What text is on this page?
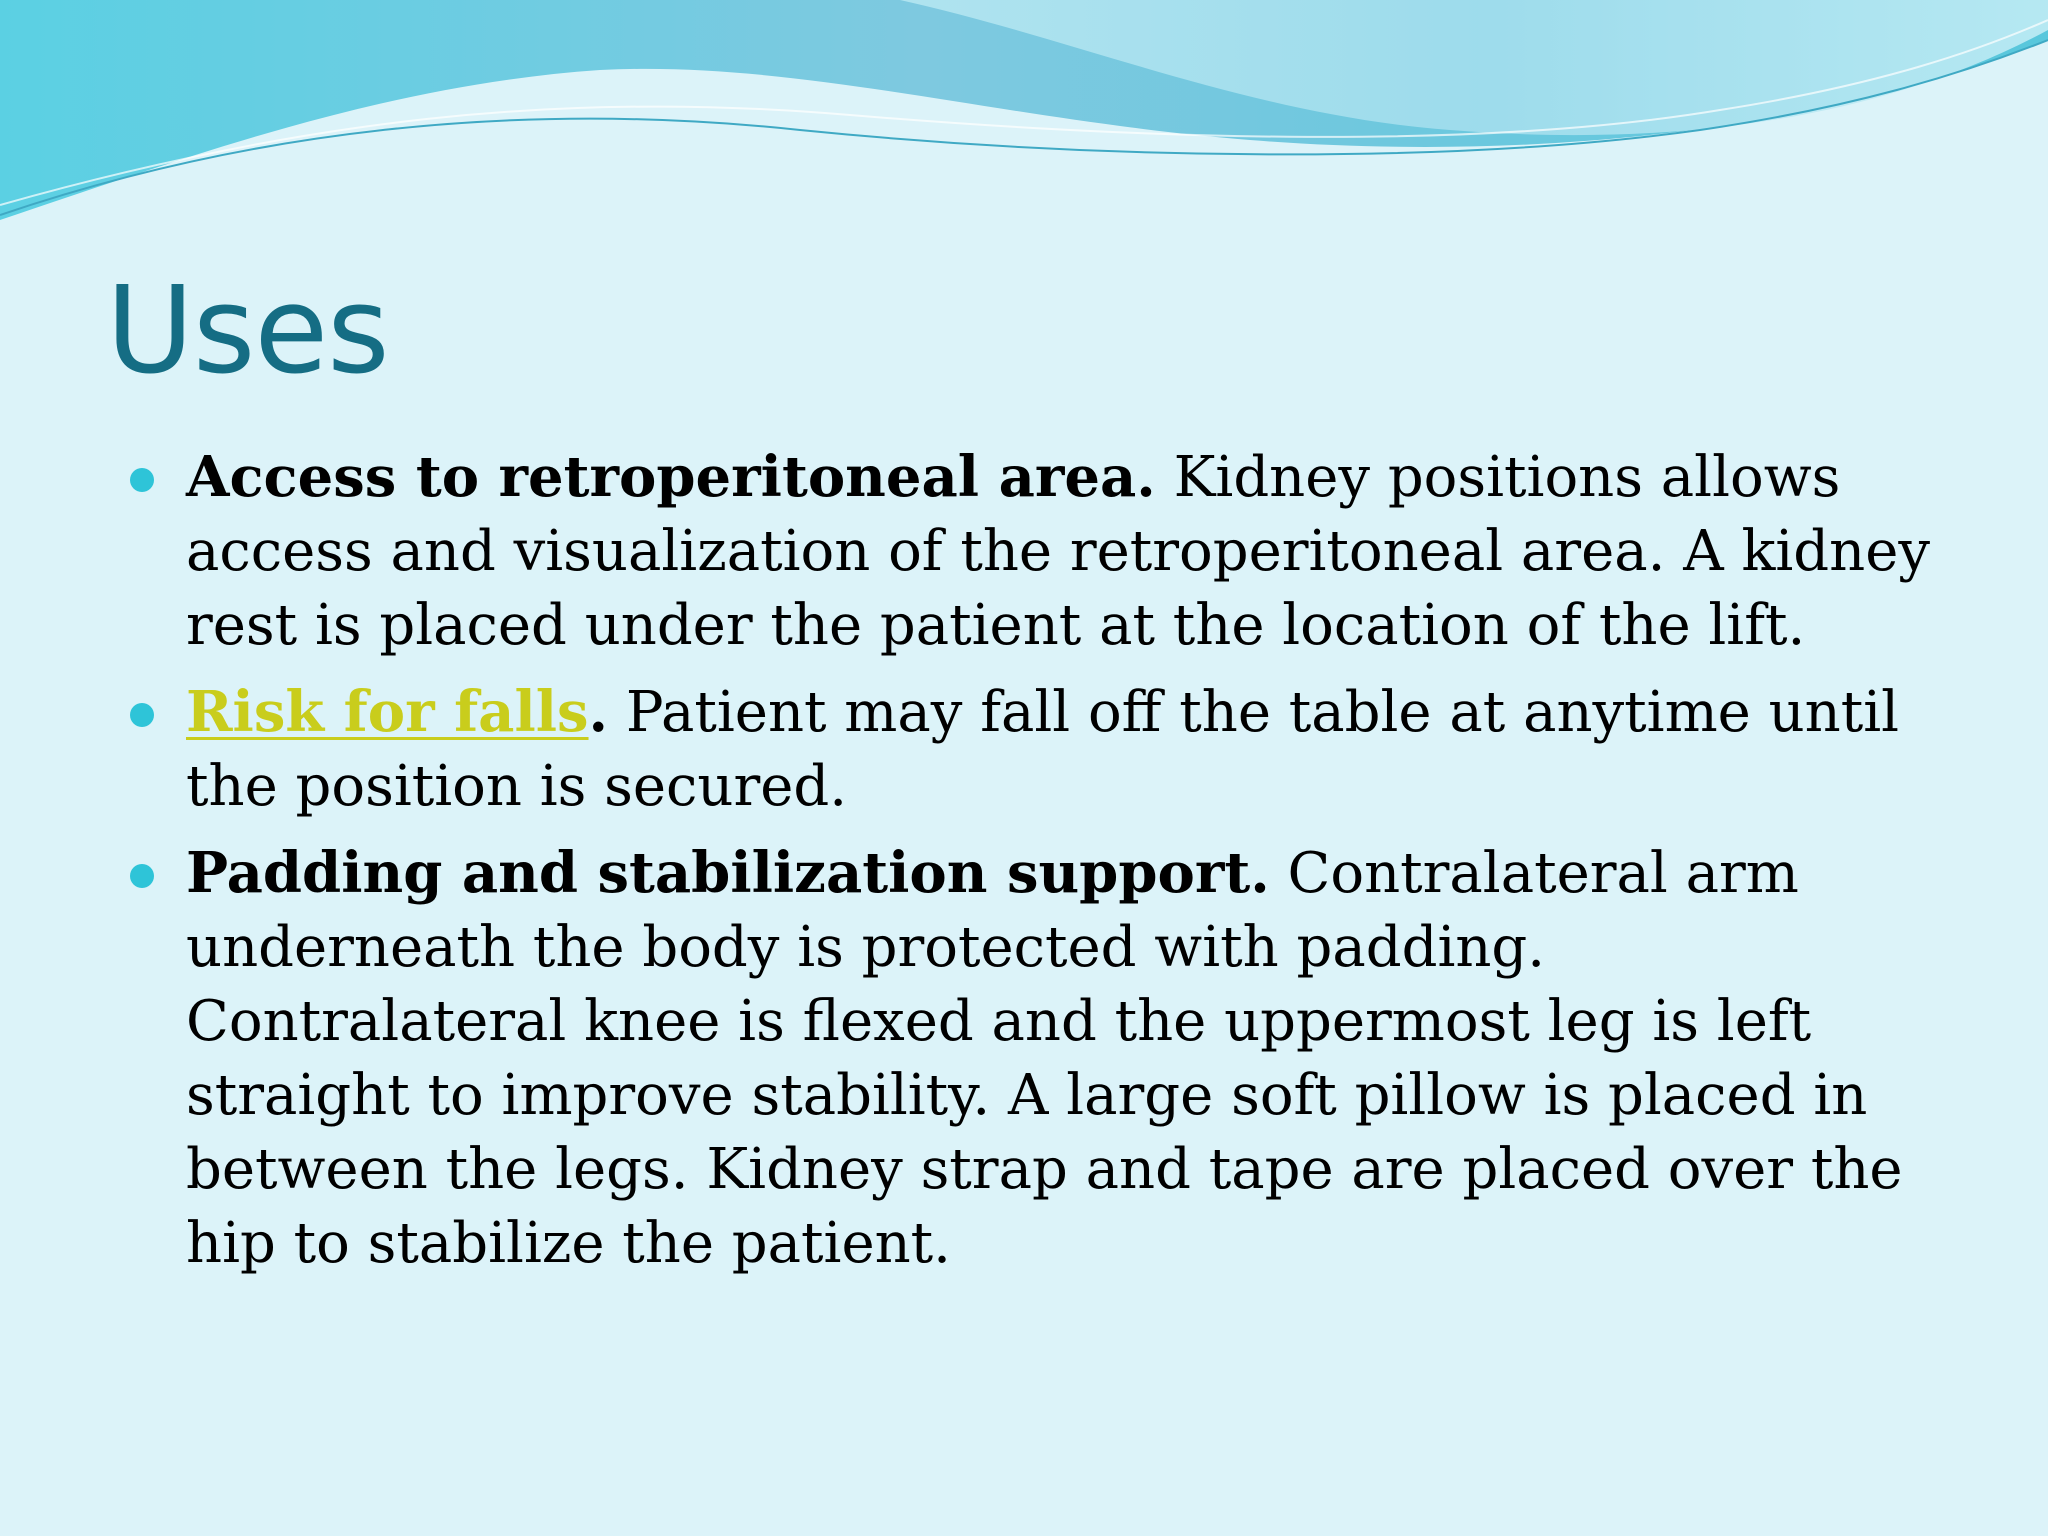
Uses
Access to retroperitoneal area. Kidney positions allows access and visualization of the retroperitoneal area. A kidney rest is placed under the patient at the location of the lift.
Risk for falls. Patient may fall off the table at anytime until the position is secured.
Padding and stabilization support. Contralateral arm underneath the body is protected with padding. Contralateral knee is flexed and the uppermost leg is left straight to improve stability. A large soft pillow is placed in between the legs. Kidney strap and tape are placed over the hip to stabilize the patient.
